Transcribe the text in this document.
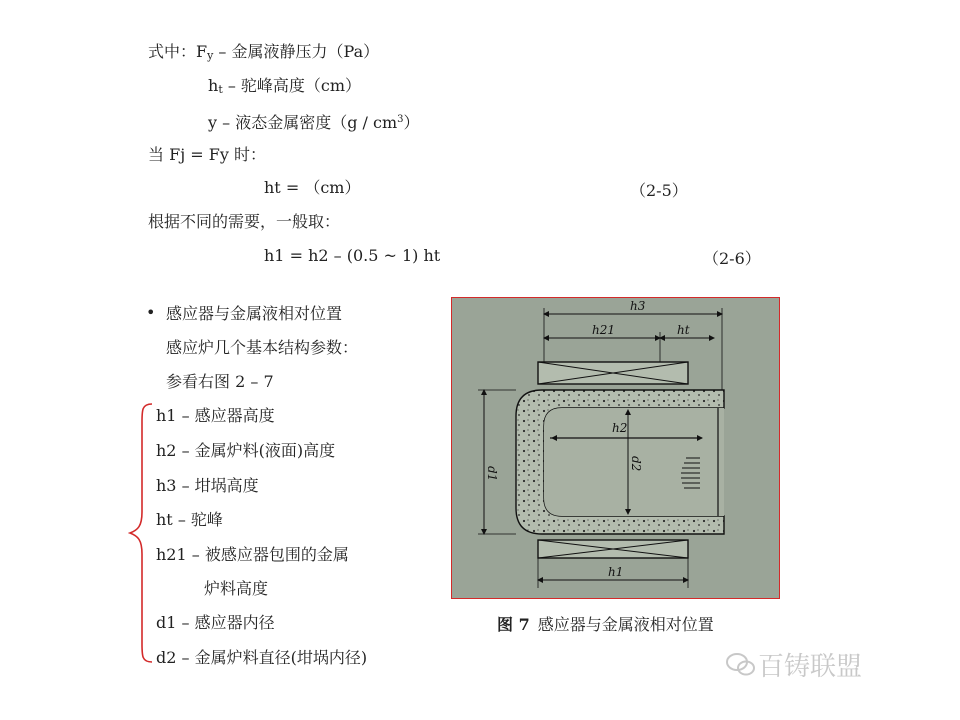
式中：Fy – 金属液静压力（Pa）
ht – 驼峰高度（cm）
y – 液态金属密度$(g / cm^3)$
当 Fj = Fy 时：
ht = （cm）	（2-5）
根据不同的需要，一般取：
h1 = h2 – (0.5 ~ 1) ht	（2-6）
• 感应器与金属液相对位置
感应炉几个基本结构参数：
参看右图 2 – 7
h1 – 感应器高度
h2 – 金属炉料(液面)高度
h3 – 坩埚高度
ht – 驼峰
h21 – 被感应器包围的金属
炉料高度
d1 – 感应器内径
d2 – 金属炉料直径(坩埚内径)
h3
h21	ht
h2
d1
d2
h1
图 7 感应器与金属液相对位置
百铸联盟
